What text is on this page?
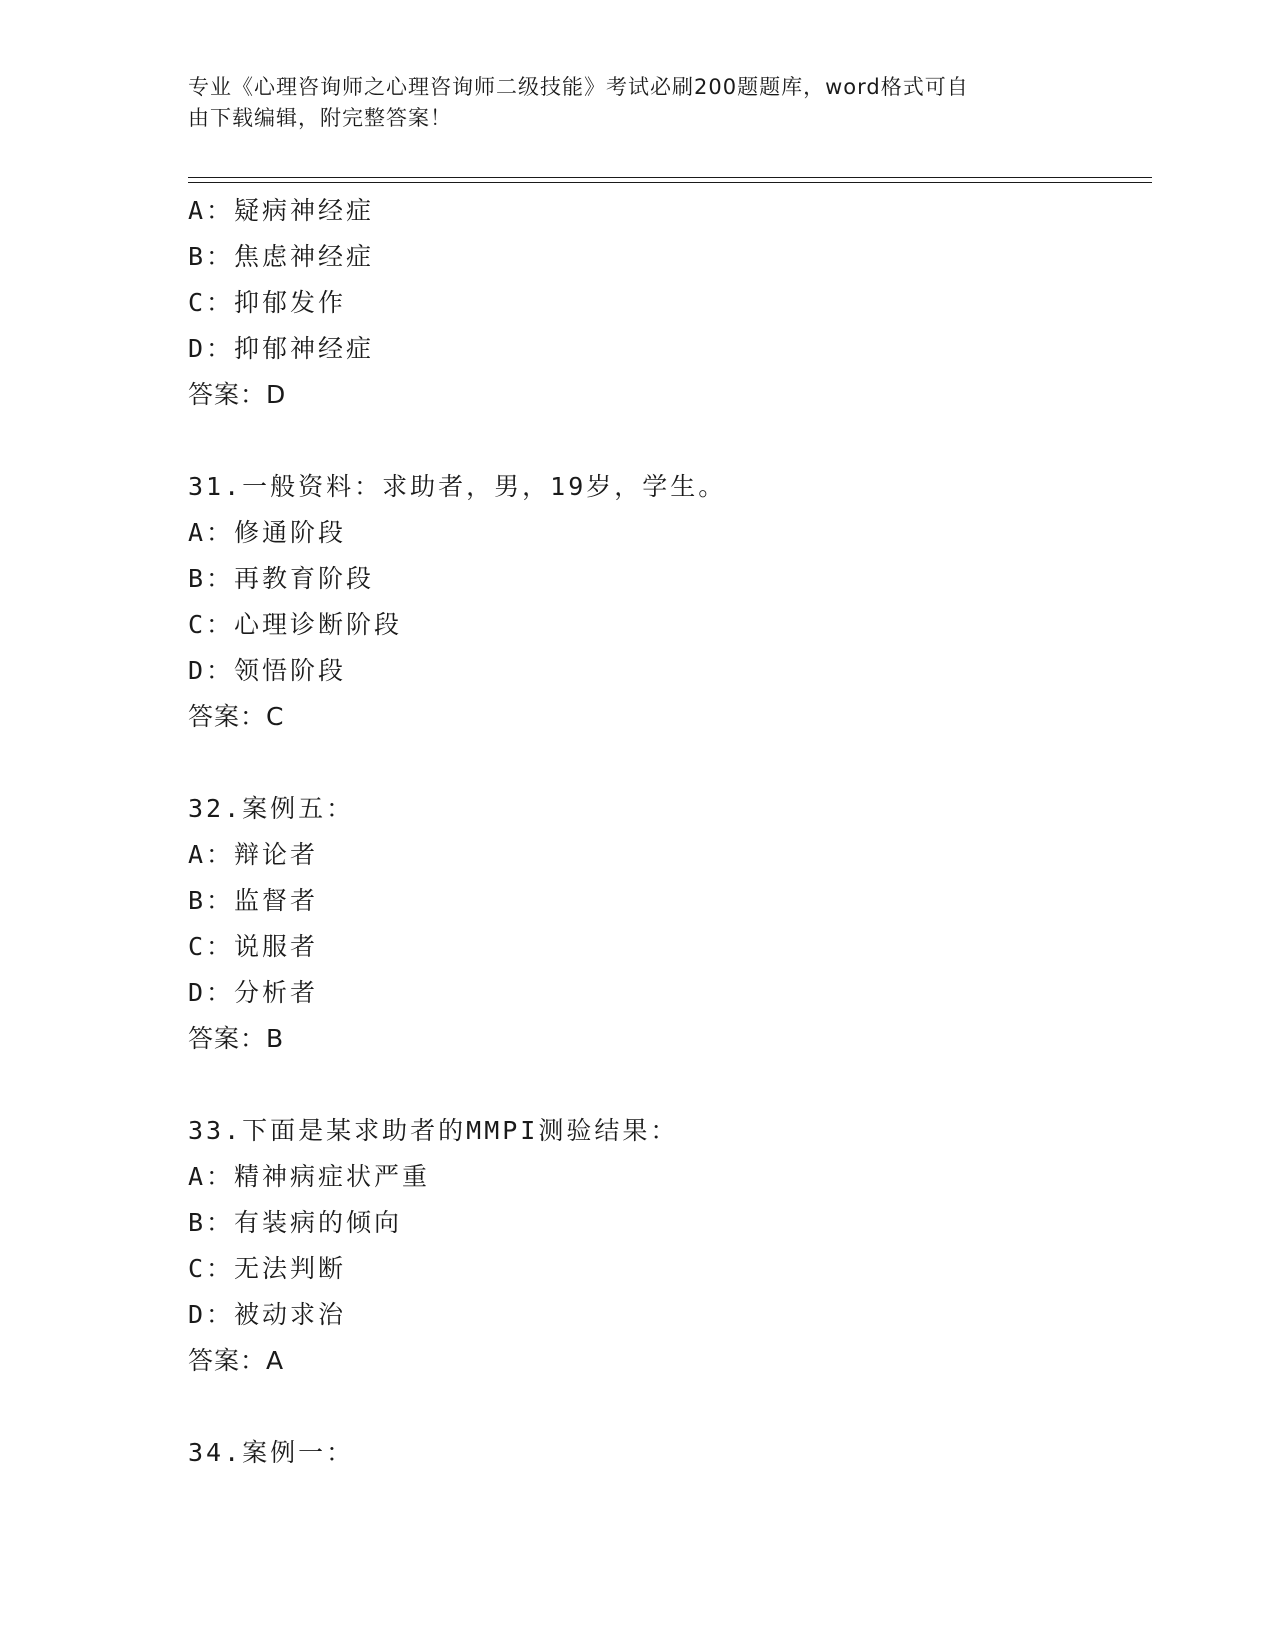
专业《心理咨询师之心理咨询师二级技能》考试必刷200题题库，word格式可自
由下载编辑，附完整答案！
A：疑病神经症
B：焦虑神经症
C：抑郁发作
D：抑郁神经症
答案：D
31.一般资料：求助者，男，19岁，学生。
A：修通阶段
B：再教育阶段
C：心理诊断阶段
D：领悟阶段
答案：C
32.案例五：
A：辩论者
B：监督者
C：说服者
D：分析者
答案：B
33.下面是某求助者的MMPI测验结果：
A：精神病症状严重
B：有装病的倾向
C：无法判断
D：被动求治
答案：A
34.案例一：
